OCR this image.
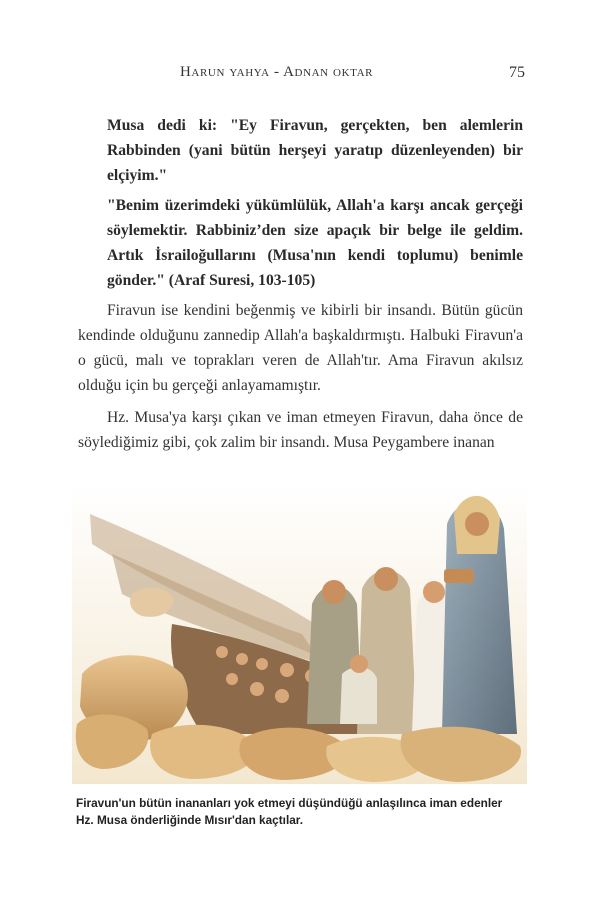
Harun yahya - Adnan oktar	75

Musa dedi ki: "Ey Firavun, gerçekten, ben alemlerin Rabbinden (yani bütün herşeyi yaratıp düzenleyenden) bir elçiyim."

"Benim üzerimdeki yükümlülük, Allah'a karşı ancak gerçeği söylemektir. Rabbiniz’den size apaçık bir belge ile geldim. Artık İsrailoğullarını (Musa'nın kendi toplumu) benimle gönder." (Araf Suresi, 103-105)

Firavun ise kendini beğenmiş ve kibirli bir insandı. Bütün gücün kendinde olduğunu zannedip Allah'a başkaldırmıştı. Halbuki Firavun'a o gücü, malı ve toprakları veren de Allah'tır. Ama Firavun akılsız olduğu için bu gerçeği anlayamamıştır.

Hz. Musa'ya karşı çıkan ve iman etmeyen Firavun, daha önce de söylediğimiz gibi, çok zalim bir insandı. Musa Peygambere inanan

Firavun'un bütün inananları yok etmeyi düşündüğü anlaşılınca iman edenler
Hz. Musa önderliğinde Mısır'dan kaçtılar.
